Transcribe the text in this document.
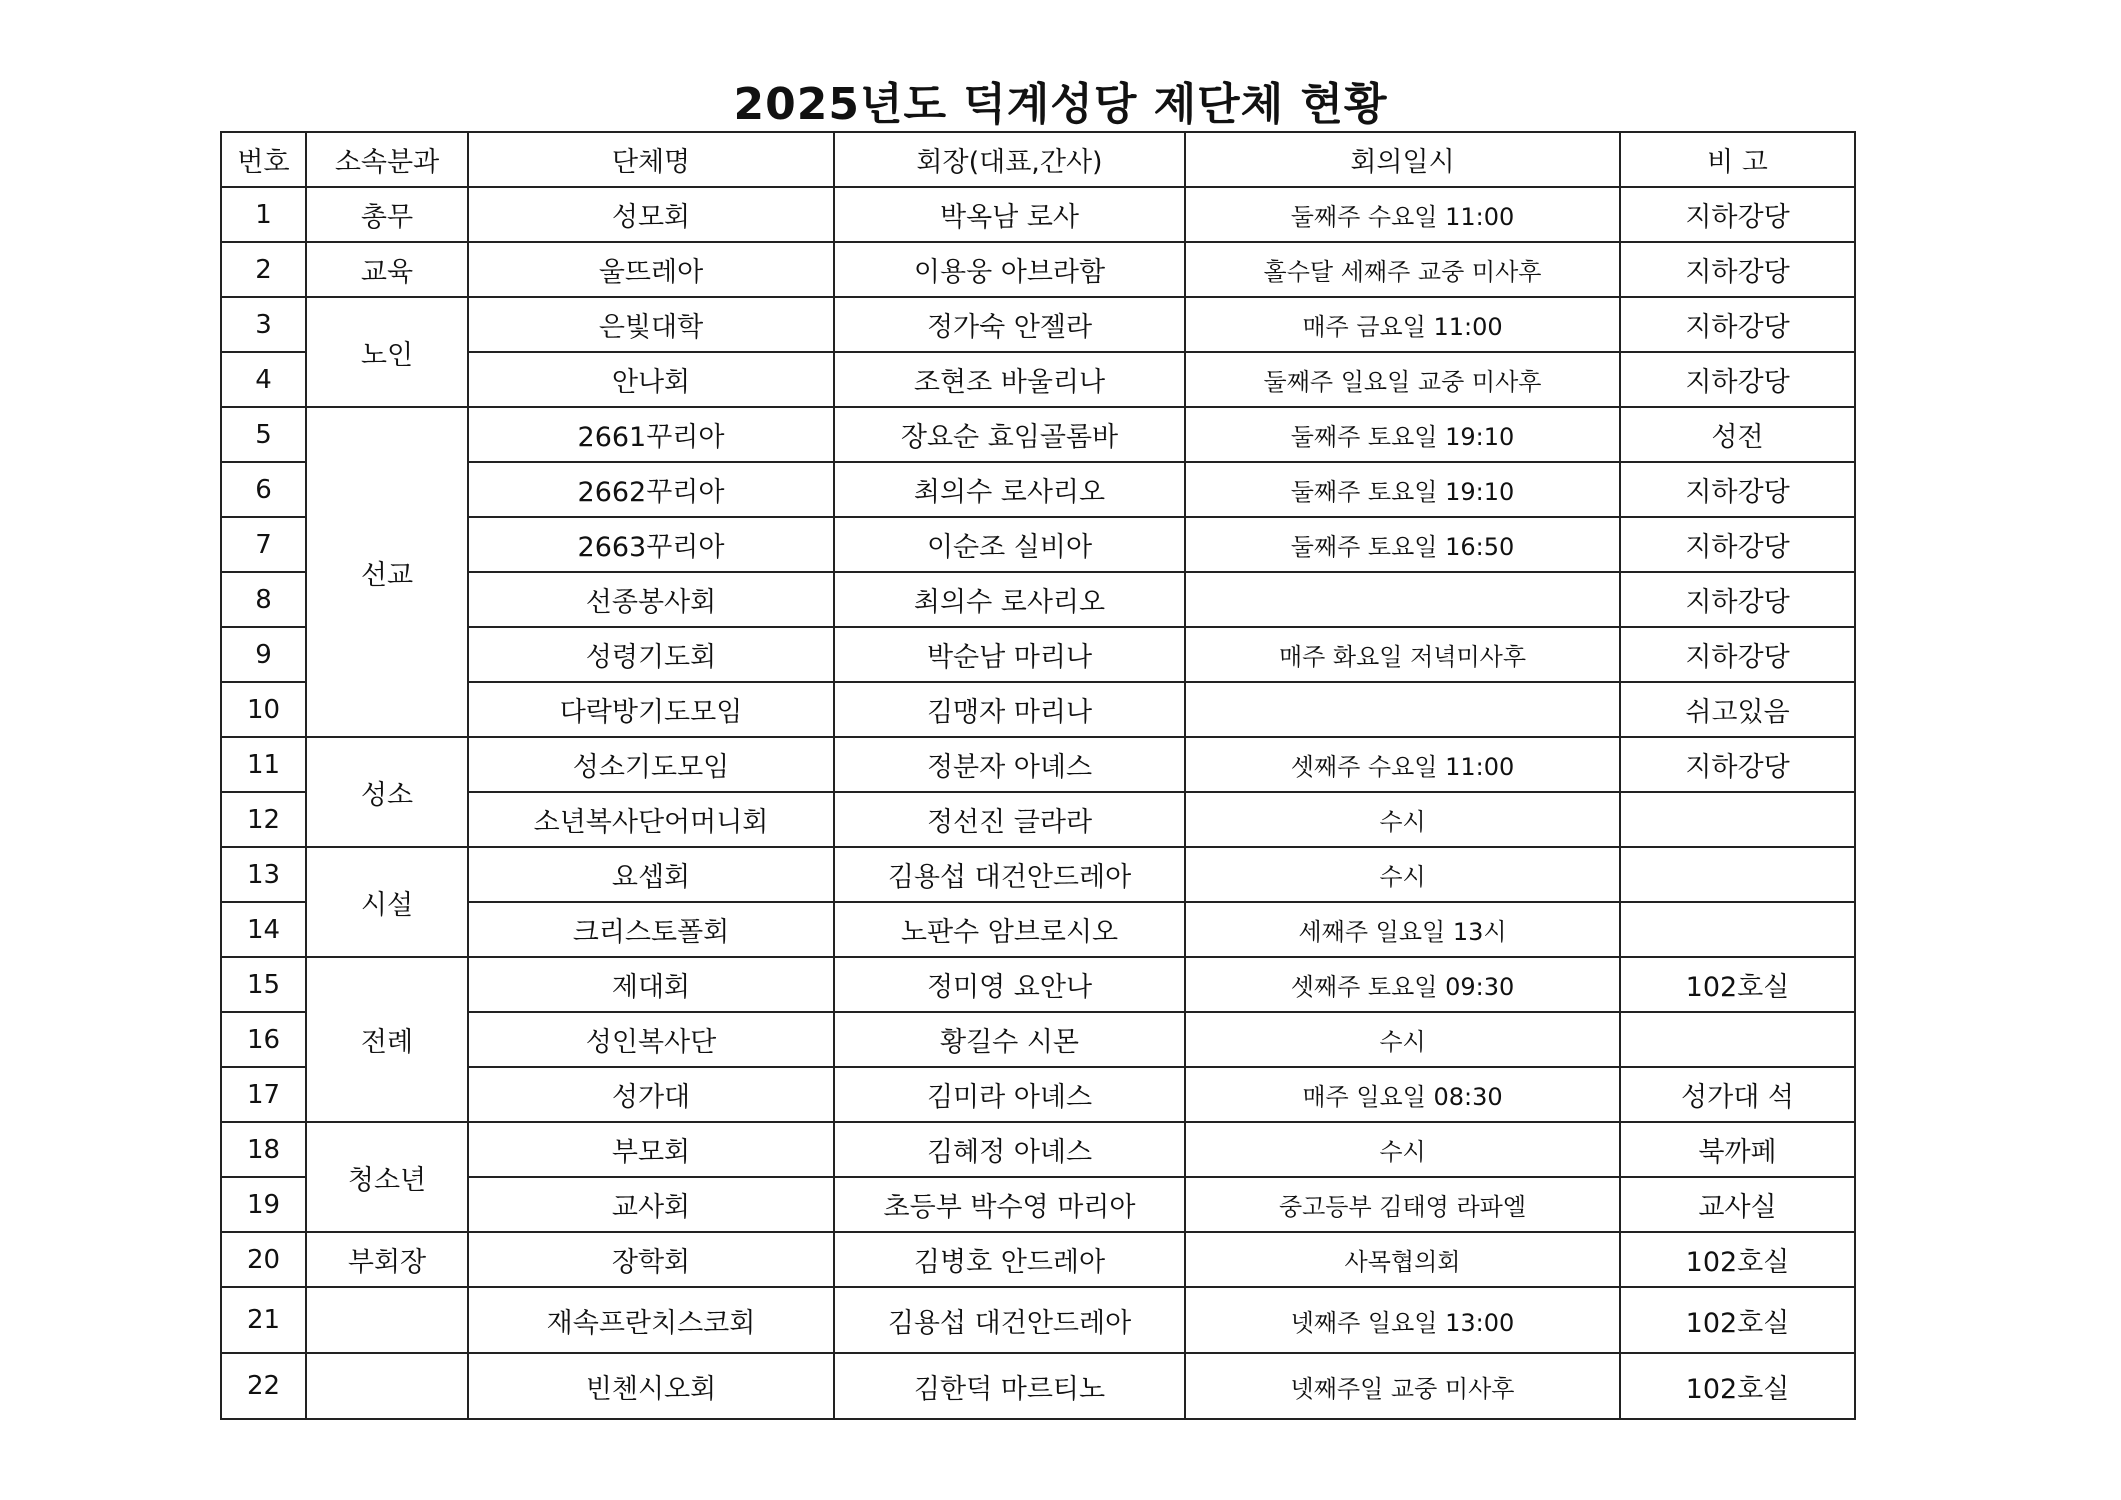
2025년도 덕계성당 제단체 현황
번호	소속분과	단체명	회장(대표,간사)	회의일시	비 고
1	총무	성모회	박옥남 로사	둘째주 수요일 11:00	지하강당
2	교육	울뜨레아	이용웅 아브라함	홀수달 세째주 교중 미사후	지하강당
3	노인	은빛대학	정가숙 안젤라	매주 금요일 11:00	지하강당
4		안나회	조현조 바울리나	둘째주 일요일 교중 미사후	지하강당
5	선교	2661꾸리아	장요순 효임골롬바	둘째주 토요일 19:10	성전
6		2662꾸리아	최의수 로사리오	둘째주 토요일 19:10	지하강당
7		2663꾸리아	이순조 실비아	둘째주 토요일 16:50	지하강당
8		선종봉사회	최의수 로사리오		지하강당
9		성령기도회	박순남 마리나	매주 화요일 저녁미사후	지하강당
10		다락방기도모임	김맹자 마리나		쉬고있음
11	성소	성소기도모임	정분자 아녜스	셋째주 수요일 11:00	지하강당
12		소년복사단어머니회	정선진 글라라	수시	
13	시설	요셉회	김용섭 대건안드레아	수시	
14		크리스토폴회	노판수 암브로시오	세째주 일요일 13시	
15	전례	제대회	정미영 요안나	셋째주 토요일 09:30	102호실
16		성인복사단	황길수 시몬	수시	
17		성가대	김미라 아녜스	매주 일요일 08:30	성가대 석
18	청소년	부모회	김혜정 아녜스	수시	북까페
19		교사회	초등부 박수영 마리아	중고등부 김태영 라파엘	교사실
20	부회장	장학회	김병호 안드레아	사목협의회	102호실
21		재속프란치스코회	김용섭 대건안드레아	넷째주 일요일 13:00	102호실
22		빈첸시오회	김한덕 마르티노	넷째주일 교중 미사후	102호실
